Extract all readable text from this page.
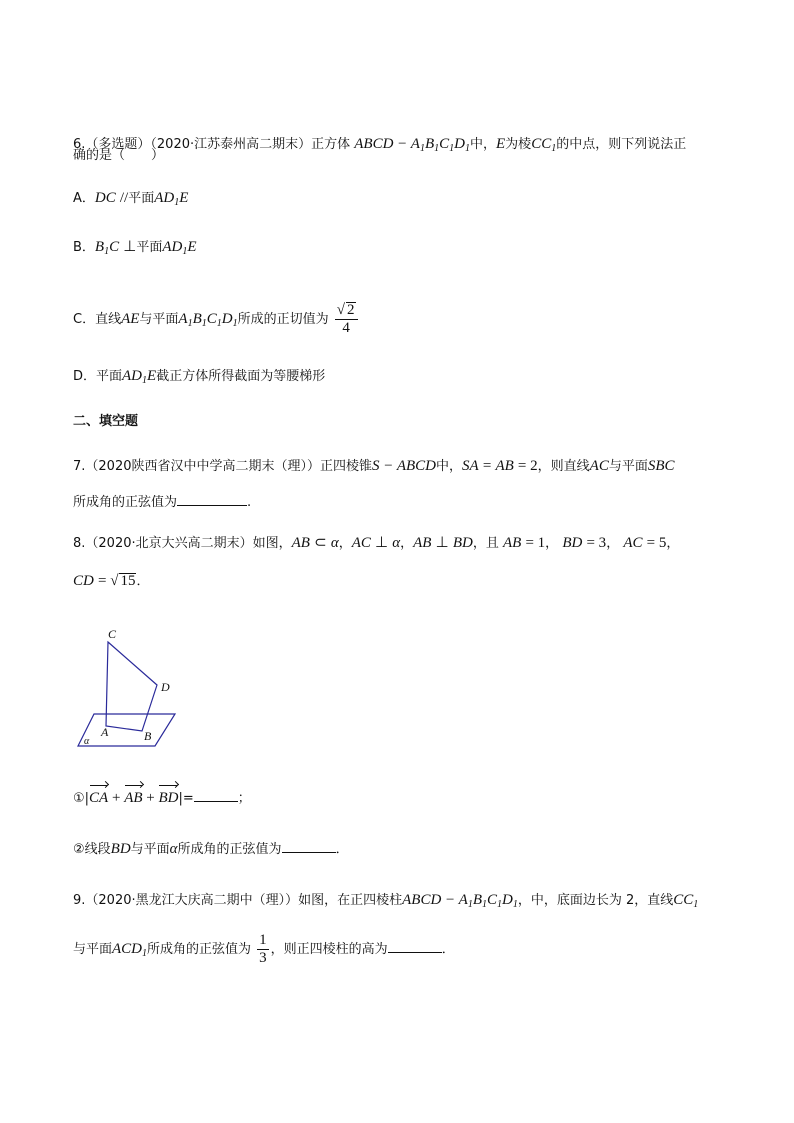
6.（多选题）（2020·江苏泰州高二期末）正方体 ABCD − $A_1B_1C_1D_1$中，E为棱$CC_1$的中点，则下列说法正
确的是（　　）
A．DC //平面$AD_1E$
B．$B_1C$ ⊥平面$AD_1E$
C．直线AE与平面$A_1B_1C_1D_1$所成的正切值为 $\frac{√ 2}{4}$
D．平面$AD_1E$截正方体所得截面为等腰梯形
二、填空题
7.（2020陕西省汉中中学高二期末（理））正四棱锥S − ABCD中，SA = AB = 2，则直线AC与平面SBC
所成角的正弦值为	.
8.（2020·北京大兴高二期末）如图，AB ⊂ α，AC ⊥ α，AB ⊥ BD，且 AB = 1， BD = 3， AC = 5，
CD = √ 15．
C
D
A	B
α
①|CA + AB + BD|=	；
②线段BD与平面α所成角的正弦值为	．
9.（2020·黑龙江大庆高二期中（理））如图，在正四棱柱ABCD − $A_1B_1C_1D_1$，中，底面边长为 2，直线$CC_1$
与平面$ACD_1$所成角的正弦值为 $\frac{1}{3}$ ，则正四棱柱的高为	．
